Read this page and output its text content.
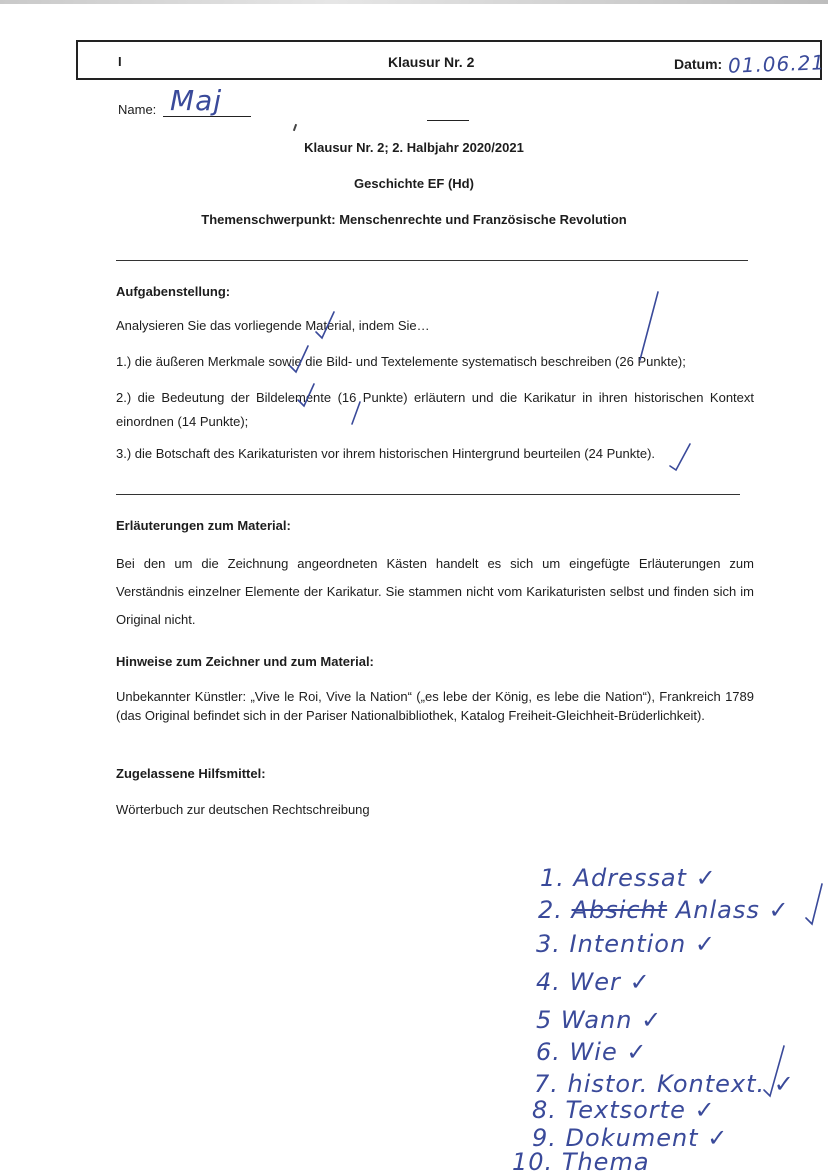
I	Klausur Nr. 2	Datum: 01.06.21
Name: Maj
Klausur Nr. 2; 2. Halbjahr 2020/2021
Geschichte EF (Hd)
Themenschwerpunkt: Menschenrechte und Französische Revolution
Aufgabenstellung:
Analysieren Sie das vorliegende Material, indem Sie…
1.) die äußeren Merkmale sowie die Bild- und Textelemente systematisch beschreiben (26 Punkte);
2.) die Bedeutung der Bildelemente (16 Punkte) erläutern und die Karikatur in ihren historischen Kontext einordnen (14 Punkte);
3.) die Botschaft des Karikaturisten vor ihrem historischen Hintergrund beurteilen (24 Punkte).
Erläuterungen zum Material:
Bei den um die Zeichnung angeordneten Kästen handelt es sich um eingefügte Erläuterungen zum Verständnis einzelner Elemente der Karikatur. Sie stammen nicht vom Karikaturisten selbst und finden sich im Original nicht.
Hinweise zum Zeichner und zum Material:
Unbekannter Künstler: „Vive le Roi, Vive la Nation“ („es lebe der König, es lebe die Nation“), Frankreich 1789 (das Original befindet sich in der Pariser Nationalbibliothek, Katalog Freiheit-Gleichheit-Brüderlichkeit).
Zugelassene Hilfsmittel:
Wörterbuch zur deutschen Rechtschreibung
1. Adressat ✓
2. Absicht Anlass ✓
3. Intention ✓
4. Wer ✓
5 Wann ✓
6. Wie ✓
7. histor. Kontext. ✓
8. Textsorte ✓
9. Dokument ✓
10. Thema
